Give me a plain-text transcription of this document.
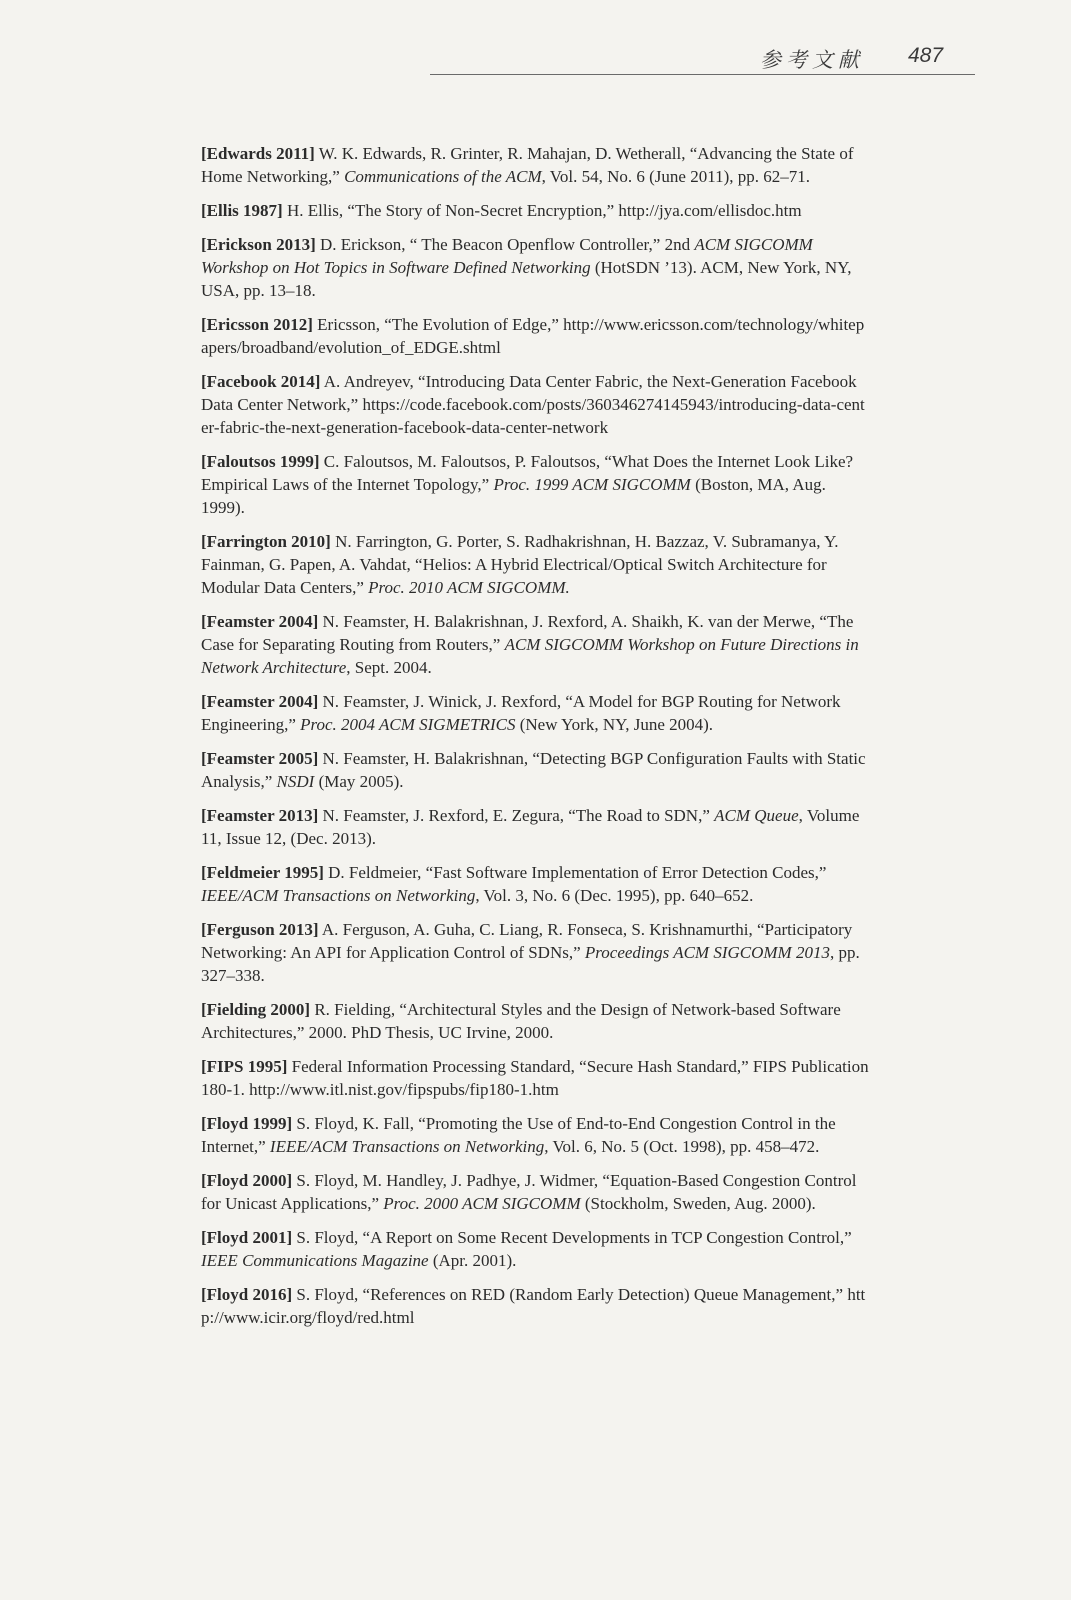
参考文献 487
[Edwards 2011] W. K. Edwards, R. Grinter, R. Mahajan, D. Wetherall, “Advancing the State of Home Networking,” Communications of the ACM, Vol. 54, No. 6 (June 2011), pp. 62–71.
[Ellis 1987] H. Ellis, “The Story of Non-Secret Encryption,” http://jya.com/ellisdoc.htm
[Erickson 2013] D. Erickson, “ The Beacon Openflow Controller,” 2nd ACM SIGCOMM Workshop on Hot Topics in Software Defined Networking (HotSDN ’13). ACM, New York, NY, USA, pp. 13–18.
[Ericsson 2012] Ericsson, “The Evolution of Edge,” http://www.ericsson.com/technology/whitepapers/broadband/evolution_of_EDGE.shtml
[Facebook 2014] A. Andreyev, “Introducing Data Center Fabric, the Next-Generation Facebook Data Center Network,” https://code.facebook.com/posts/360346274145943/introducing-data-center-fabric-the-next-generation-facebook-data-center-network
[Faloutsos 1999] C. Faloutsos, M. Faloutsos, P. Faloutsos, “What Does the Internet Look Like? Empirical Laws of the Internet Topology,” Proc. 1999 ACM SIGCOMM (Boston, MA, Aug. 1999).
[Farrington 2010] N. Farrington, G. Porter, S. Radhakrishnan, H. Bazzaz, V. Subramanya, Y. Fainman, G. Papen, A. Vahdat, “Helios: A Hybrid Electrical/Optical Switch Architecture for Modular Data Centers,” Proc. 2010 ACM SIGCOMM.
[Feamster 2004] N. Feamster, H. Balakrishnan, J. Rexford, A. Shaikh, K. van der Merwe, “The Case for Separating Routing from Routers,” ACM SIGCOMM Workshop on Future Directions in Network Architecture, Sept. 2004.
[Feamster 2004] N. Feamster, J. Winick, J. Rexford, “A Model for BGP Routing for Network Engineering,” Proc. 2004 ACM SIGMETRICS (New York, NY, June 2004).
[Feamster 2005] N. Feamster, H. Balakrishnan, “Detecting BGP Configuration Faults with Static Analysis,” NSDI (May 2005).
[Feamster 2013] N. Feamster, J. Rexford, E. Zegura, “The Road to SDN,” ACM Queue, Volume 11, Issue 12, (Dec. 2013).
[Feldmeier 1995] D. Feldmeier, “Fast Software Implementation of Error Detection Codes,” IEEE/ACM Transactions on Networking, Vol. 3, No. 6 (Dec. 1995), pp. 640–652.
[Ferguson 2013] A. Ferguson, A. Guha, C. Liang, R. Fonseca, S. Krishnamurthi, “Participatory Networking: An API for Application Control of SDNs,” Proceedings ACM SIGCOMM 2013, pp. 327–338.
[Fielding 2000] R. Fielding, “Architectural Styles and the Design of Network-based Software Architectures,” 2000. PhD Thesis, UC Irvine, 2000.
[FIPS 1995] Federal Information Processing Standard, “Secure Hash Standard,” FIPS Publication 180-1. http://www.itl.nist.gov/fipspubs/fip180-1.htm
[Floyd 1999] S. Floyd, K. Fall, “Promoting the Use of End-to-End Congestion Control in the Internet,” IEEE/ACM Transactions on Networking, Vol. 6, No. 5 (Oct. 1998), pp. 458–472.
[Floyd 2000] S. Floyd, M. Handley, J. Padhye, J. Widmer, “Equation-Based Congestion Control for Unicast Applications,” Proc. 2000 ACM SIGCOMM (Stockholm, Sweden, Aug. 2000).
[Floyd 2001] S. Floyd, “A Report on Some Recent Developments in TCP Congestion Control,” IEEE Communications Magazine (Apr. 2001).
[Floyd 2016] S. Floyd, “References on RED (Random Early Detection) Queue Management,” http://www.icir.org/floyd/red.html
